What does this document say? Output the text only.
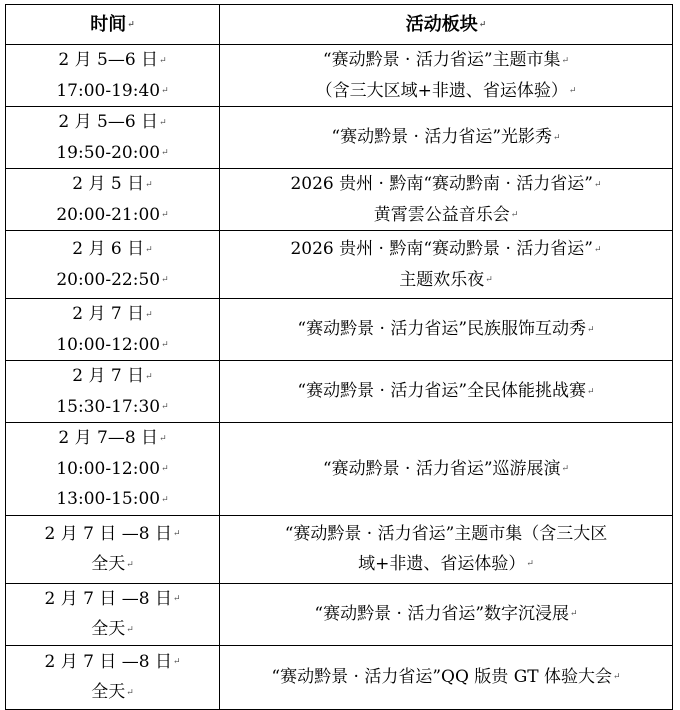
时间↵	活动板块↵

2 月 5—6 日↵
17:00-19:40↵	“赛动黔景 · 活力省运”主题市集↵
（含三大区域+非遗、省运体验）↵

2 月 5—6 日↵
19:50-20:00↵	“赛动黔景 · 活力省运”光影秀↵

2 月 5 日↵
20:00-21:00↵	2026 贵州 · 黔南“赛动黔南 · 活力省运”↵
黄霄雲公益音乐会↵

2 月 6 日↵
20:00-22:50↵	2026 贵州 · 黔南“赛动黔景 · 活力省运”↵
主题欢乐夜↵

2 月 7 日↵
10:00-12:00↵	“赛动黔景 · 活力省运”民族服饰互动秀↵

2 月 7 日↵
15:30-17:30↵	“赛动黔景 · 活力省运”全民体能挑战赛↵

2 月 7—8 日↵
10:00-12:00↵
13:00-15:00↵	“赛动黔景 · 活力省运”巡游展演↵

2 月 7 日 —8 日↵
全天↵	“赛动黔景 · 活力省运”主题市集（含三大区
域+非遗、省运体验）↵

2 月 7 日 —8 日↵
全天↵	“赛动黔景 · 活力省运”数字沉浸展↵

2 月 7 日 —8 日↵
全天↵	“赛动黔景 · 活力省运”QQ 版贵 GT 体验大会↵
